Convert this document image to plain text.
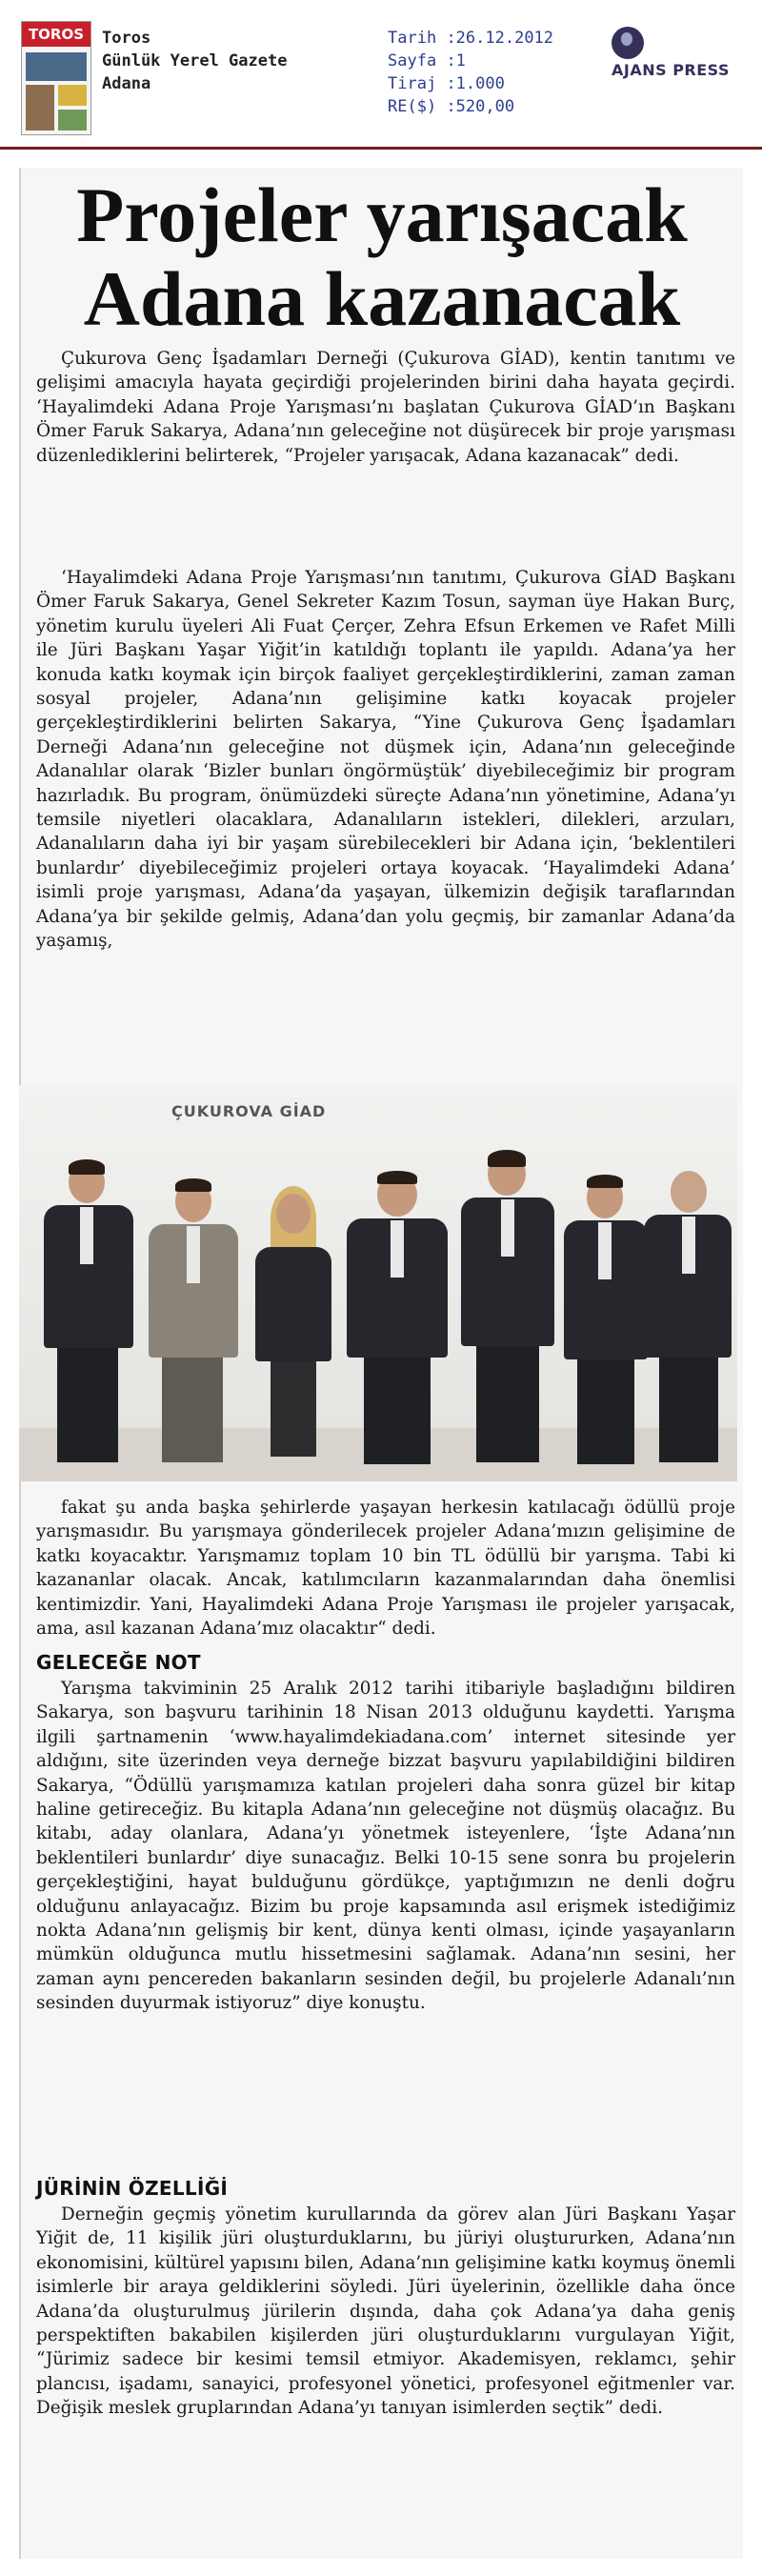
TOROS	Toros
Günlük Yerel Gazete
Adana
Tarih :26.12.2012
Sayfa :1
Tiraj :1.000
RE($) :520,00
AJANS PRESS
Projeler yarışacak
Adana kazanacak
Çukurova Genç İşadamları Derneği (Çukurova GİAD), kentin tanıtımı ve gelişimi amacıyla hayata geçirdiği projelerinden birini daha hayata geçirdi. ‘Hayalimdeki Adana Proje Yarışması’nı başlatan Çukurova GİAD’ın Başkanı Ömer Faruk Sakarya, Adana’nın geleceğine not düşürecek bir proje yarışması düzenlediklerini belirterek, “Projeler yarışacak, Adana kazanacak” dedi.
‘Hayalimdeki Adana Proje Yarışması’nın tanıtımı, Çukurova GİAD Başkanı Ömer Faruk Sakarya, Genel Sekreter Kazım Tosun, sayman üye Hakan Burç, yönetim kurulu üyeleri Ali Fuat Çerçer, Zehra Efsun Erkemen ve Rafet Milli ile Jüri Başkanı Yaşar Yiğit’in katıldığı toplantı ile yapıldı. Adana’ya her konuda katkı koymak için birçok faaliyet gerçekleştirdiklerini, zaman zaman sosyal projeler, Adana’nın gelişimine katkı koyacak projeler gerçekleştirdiklerini belirten Sakarya, “Yine Çukurova Genç İşadamları Derneği Adana’nın geleceğine not düşmek için, Adana’nın geleceğinde Adanalılar olarak ‘Bizler bunları öngörmüştük’ diyebileceğimiz bir program hazırladık. Bu program, önümüzdeki süreçte Adana’nın yönetimine, Adana’yı temsile niyetleri olacaklara, Adanalıların istekleri, dilekleri, arzuları, Adanalıların daha iyi bir yaşam sürebilecekleri bir Adana için, ‘beklentileri bunlardır’ diyebileceğimiz projeleri ortaya koyacak. ‘Hayalimdeki Adana’ isimli proje yarışması, Adana’da yaşayan, ülkemizin değişik taraflarından Adana’ya bir şekilde gelmiş, Adana’dan yolu geçmiş, bir zamanlar Adana’da yaşamış,
fakat şu anda başka şehirlerde yaşayan herkesin katılacağı ödüllü proje yarışmasıdır. Bu yarışmaya gönderilecek projeler Adana’mızın gelişimine de katkı koyacaktır. Yarışmamız toplam 10 bin TL ödüllü bir yarışma. Tabi ki kazananlar olacak. Ancak, katılımcıların kazanmalarından daha önemlisi kentimizdir. Yani, Hayalimdeki Adana Proje Yarışması ile projeler yarışacak, ama, asıl kazanan Adana’mız olacaktır“ dedi.
GELECEĞE NOT
Yarışma takviminin 25 Aralık 2012 tarihi itibariyle başladığını bildiren Sakarya, son başvuru tarihinin 18 Nisan 2013 olduğunu kaydetti. Yarışma ilgili şartnamenin ‘www.hayalimdekiadana.com’ internet sitesinde yer aldığını, site üzerinden veya derneğe bizzat başvuru yapılabildiğini bildiren Sakarya, “Ödüllü yarışmamıza katılan projeleri daha sonra güzel bir kitap haline getireceğiz. Bu kitapla Adana’nın geleceğine not düşmüş olacağız. Bu kitabı, aday olanlara, Adana’yı yönetmek isteyenlere, ‘İşte Adana’nın beklentileri bunlardır’ diye sunacağız. Belki 10-15 sene sonra bu projelerin gerçekleştiğini, hayat bulduğunu gördükçe, yaptığımızın ne denli doğru olduğunu anlayacağız. Bizim bu proje kapsamında asıl erişmek istediğimiz nokta Adana’nın gelişmiş bir kent, dünya kenti olması, içinde yaşayanların mümkün olduğunca mutlu hissetmesini sağlamak. Adana’nın sesini, her zaman aynı pencereden bakanların sesinden değil, bu projelerle Adanalı’nın sesinden duyurmak istiyoruz” diye konuştu.
JÜRİNİN ÖZELLİĞİ
Derneğin geçmiş yönetim kurullarında da görev alan Jüri Başkanı Yaşar Yiğit de, 11 kişilik jüri oluşturduklarını, bu jüriyi oluştururken, Adana’nın ekonomisini, kültürel yapısını bilen, Adana’nın gelişimine katkı koymuş önemli isimlerle bir araya geldiklerini söyledi. Jüri üyelerinin, özellikle daha önce Adana’da oluşturulmuş jürilerin dışında, daha çok Adana’ya daha geniş perspektiften bakabilen kişilerden jüri oluşturduklarını vurgulayan Yiğit, “Jürimiz sadece bir kesimi temsil etmiyor. Akademisyen, reklamcı, şehir plancısı, işadamı, sanayici, profesyonel yönetici, profesyonel eğitmenler var. Değişik meslek gruplarından Adana’yı tanıyan isimlerden seçtik” dedi.
ÇUKUROVA GİAD
